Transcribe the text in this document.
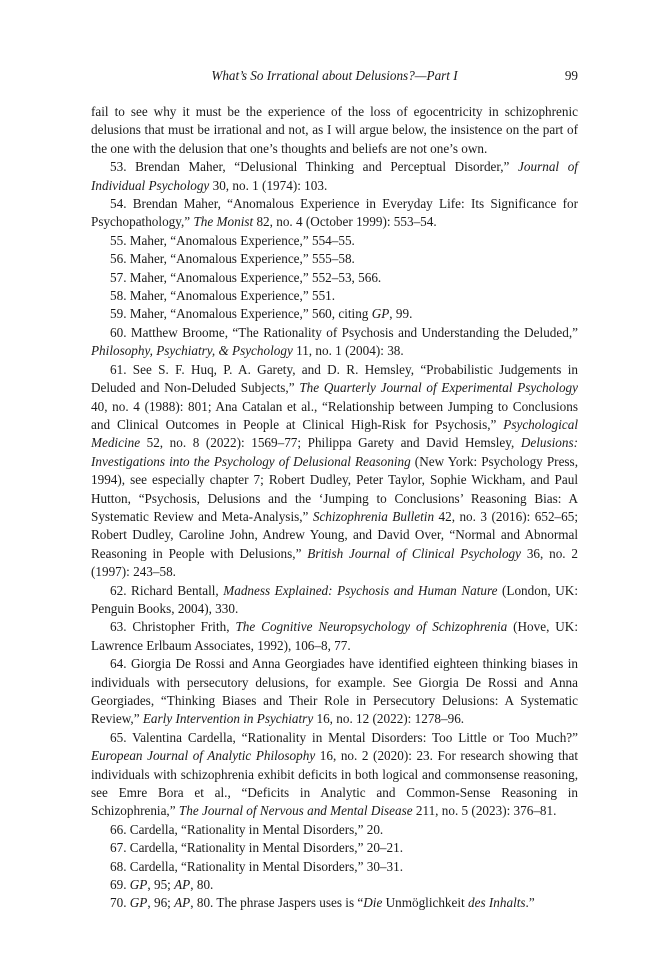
What’s So Irrational about Delusions?—Part I	99

fail to see why it must be the experience of the loss of egocentricity in schizophrenic delusions that must be irrational and not, as I will argue below, the insistence on the part of the one with the delusion that one’s thoughts and beliefs are not one’s own.

53. Brendan Maher, “Delusional Thinking and Perceptual Disorder,” Journal of Individual Psychology 30, no. 1 (1974): 103.

54. Brendan Maher, “Anomalous Experience in Everyday Life: Its Significance for Psychopathology,” The Monist 82, no. 4 (October 1999): 553–54.

55. Maher, “Anomalous Experience,” 554–55.

56. Maher, “Anomalous Experience,” 555–58.

57. Maher, “Anomalous Experience,” 552–53, 566.

58. Maher, “Anomalous Experience,” 551.

59. Maher, “Anomalous Experience,” 560, citing GP, 99.

60. Matthew Broome, “The Rationality of Psychosis and Understanding the Deluded,” Philosophy, Psychiatry, & Psychology 11, no. 1 (2004): 38.

61. See S. F. Huq, P. A. Garety, and D. R. Hemsley, “Probabilistic Judgements in Deluded and Non-Deluded Subjects,” The Quarterly Journal of Experimental Psychology 40, no. 4 (1988): 801; Ana Catalan et al., “Relationship between Jumping to Conclusions and Clinical Outcomes in People at Clinical High-Risk for Psychosis,” Psychological Medicine 52, no. 8 (2022): 1569–77; Philippa Garety and David Hemsley, Delusions: Investigations into the Psychology of Delusional Reasoning (New York: Psychology Press, 1994), see especially chapter 7; Robert Dudley, Peter Taylor, Sophie Wickham, and Paul Hutton, “Psychosis, Delusions and the ‘Jumping to Conclusions’ Reasoning Bias: A Systematic Review and Meta-Analysis,” Schizophrenia Bulletin 42, no. 3 (2016): 652–65; Robert Dudley, Caroline John, Andrew Young, and David Over, “Normal and Abnormal Reasoning in People with Delusions,” British Journal of Clinical Psychology 36, no. 2 (1997): 243–58.

62. Richard Bentall, Madness Explained: Psychosis and Human Nature (London, UK: Penguin Books, 2004), 330.

63. Christopher Frith, The Cognitive Neuropsychology of Schizophrenia (Hove, UK: Lawrence Erlbaum Associates, 1992), 106–8, 77.

64. Giorgia De Rossi and Anna Georgiades have identified eighteen thinking biases in individuals with persecutory delusions, for example. See Giorgia De Rossi and Anna Georgiades, “Thinking Biases and Their Role in Persecutory Delusions: A Systematic Review,” Early Intervention in Psychiatry 16, no. 12 (2022): 1278–96.

65. Valentina Cardella, “Rationality in Mental Disorders: Too Little or Too Much?” European Journal of Analytic Philosophy 16, no. 2 (2020): 23. For research showing that individuals with schizophrenia exhibit deficits in both logical and commonsense reasoning, see Emre Bora et al., “Deficits in Analytic and Common-Sense Reasoning in Schizophrenia,” The Journal of Nervous and Mental Disease 211, no. 5 (2023): 376–81.

66. Cardella, “Rationality in Mental Disorders,” 20.

67. Cardella, “Rationality in Mental Disorders,” 20–21.

68. Cardella, “Rationality in Mental Disorders,” 30–31.

69. GP, 95; AP, 80.

70. GP, 96; AP, 80. The phrase Jaspers uses is “Die Unmöglichkeit des Inhalts.”
